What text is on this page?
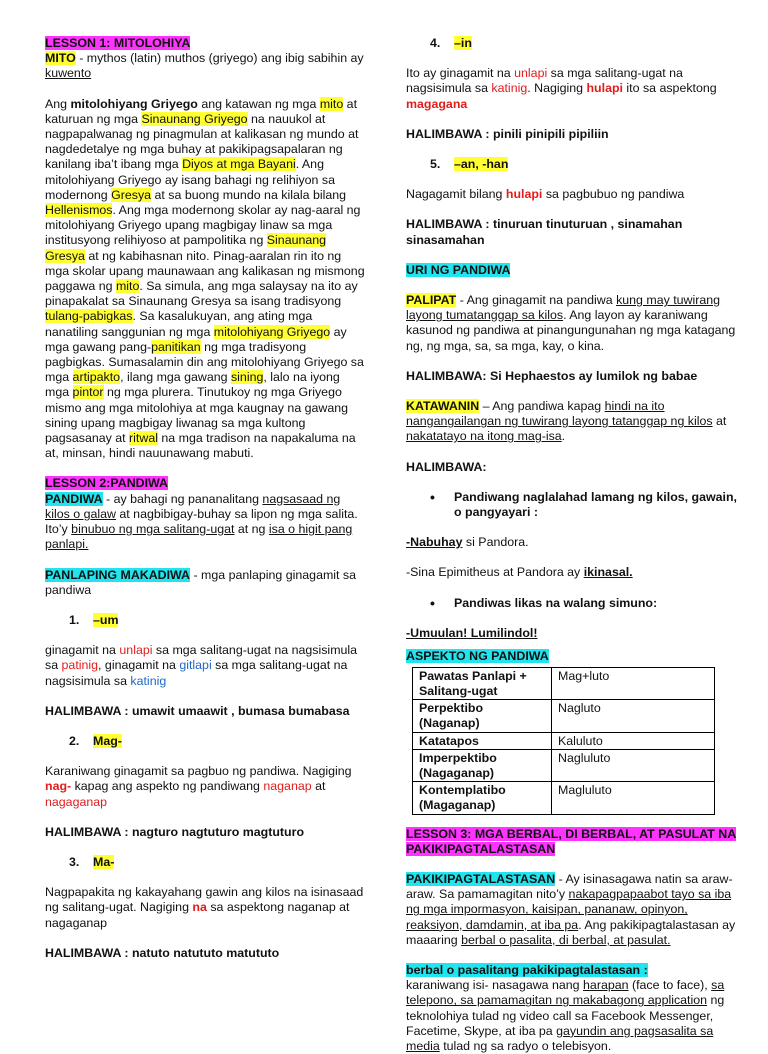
LESSON 1: MITOLOHIYA

MITO - mythos (latin) muthos (griyego) ang ibig sabihin ay kuwento

Ang mitolohiyang Griyego ang katawan ng mga mito at katuruan ng mga Sinaunang Griyego na nauukol at nagpapalwanag ng pinagmulan at kalikasan ng mundo at nagdedetalye ng mga buhay at pakikipagsapalaran ng kanilang iba’t ibang mga Diyos at mga Bayani. Ang mitolohiyang Griyego ay isang bahagi ng relihiyon sa modernong Gresya at sa buong mundo na kilala bilang Hellenismos. Ang mga modernong skolar ay nag-aaral ng mitolohiyang Griyego upang magbigay linaw sa mga institusyong relihiyoso at pampolitika ng Sinaunang Gresya at ng kabihasnan nito. Pinag-aaralan rin ito ng mga skolar upang maunawaan ang kalikasan ng mismong paggawa ng mito. Sa simula, ang mga salaysay na ito ay pinapakalat sa Sinaunang Gresya sa isang tradisyong tulang-pabigkas. Sa kasalukuyan, ang ating mga nanatiling sanggunian ng mga mitolohiyang Griyego ay mga gawang pang-panitikan ng mga tradisyong pagbigkas. Sumasalamin din ang mitolohiyang Griyego sa mga artipakto, ilang mga gawang sining, lalo na iyong mga pintor ng mga plurera. Tinutukoy ng mga Griyego mismo ang mga mitolohiya at mga kaugnay na gawang sining upang magbigay liwanag sa mga kultong pagsasanay at ritwal na mga tradison na napakaluma na at, minsan, hindi nauunawang mabuti.

LESSON 2:PANDIWA

PANDIWA - ay bahagi ng pananalitang nagsasaad ng kilos o galaw at nagbibigay-buhay sa lipon ng mga salita. Ito’y binubuo ng mga salitang-ugat at ng isa o higit pang panlapi.

PANLAPING MAKADIWA - mga panlaping ginagamit sa pandiwa

1. –um

ginagamit na unlapi sa mga salitang-ugat na nagsisimula sa patinig, ginagamit na gitlapi sa mga salitang-ugat na nagsisimula sa katinig

HALIMBAWA : umawit umaawit , bumasa bumabasa

2. Mag-

Karaniwang ginagamit sa pagbuo ng pandiwa. Nagiging nag- kapag ang aspekto ng pandiwang naganap at nagaganap

HALIMBAWA : nagturo nagtuturo magtuturo

3. Ma-

Nagpapakita ng kakayahang gawin ang kilos na isinasaad ng salitang-ugat. Nagiging na sa aspektong naganap at nagaganap

HALIMBAWA : natuto natututo matututo

4. –in

Ito ay ginagamit na unlapi sa mga salitang-ugat na nagsisimula sa katinig. Nagiging hulapi ito sa aspektong magagana

HALIMBAWA : pinili pinipili pipiliin

5. –an, -han

Nagagamit bilang hulapi sa pagbubuo ng pandiwa

HALIMBAWA : tinuruan tinuturuan , sinamahan sinasamahan

URI NG PANDIWA

PALIPAT - Ang ginagamit na pandiwa kung may tuwirang layong tumatanggap sa kilos. Ang layon ay karaniwang kasunod ng pandiwa at pinangungunahan ng mga katagang ng, ng mga, sa, sa mga, kay, o kina.

HALIMBAWA: Si Hephaestos ay lumilok ng babae

KATAWANIN – Ang pandiwa kapag hindi na ito nangangailangan ng tuwirang layong tatanggap ng kilos at nakatatayo na itong mag-isa.

HALIMBAWA:

• Pandiwang naglalahad lamang ng kilos, gawain, o pangyayari :

-Nabuhay si Pandora.

-Sina Epimitheus at Pandora ay ikinasal.

• Pandiwas likas na walang simuno:

-Umuulan! Lumilindol!

ASPEKTO NG PANDIWA

Pawatas Panlapi + Salitang-ugat	Mag+luto
Perpektibo (Naganap)	Nagluto
Katatapos	Kaluluto
Imperpektibo (Nagaganap)	Nagluluto
Kontemplatibo (Magaganap)	Magluluto

LESSON 3: MGA BERBAL, DI BERBAL, AT PASULAT NA PAKIKIPAGTALASTASAN

PAKIKIPAGTALASTASAN - Ay isinasagawa natin sa araw-araw. Sa pamamagitan nito’y nakapagpapaabot tayo sa iba ng mga impormasyon, kaisipan, pananaw, opinyon, reaksiyon, damdamin, at iba pa. Ang pakikipagtalastasan ay maaaring berbal o pasalita, di berbal, at pasulat.

berbal o pasalitang pakikipagtalastasan :

karaniwang isi- nasagawa nang harapan (face to face), sa telepono, sa pamamagitan ng makabagong application ng teknolohiya tulad ng video call sa Facebook Messenger, Facetime, Skype, at iba pa gayundin ang pagsasalita sa media tulad ng sa radyo o telebisyon.
